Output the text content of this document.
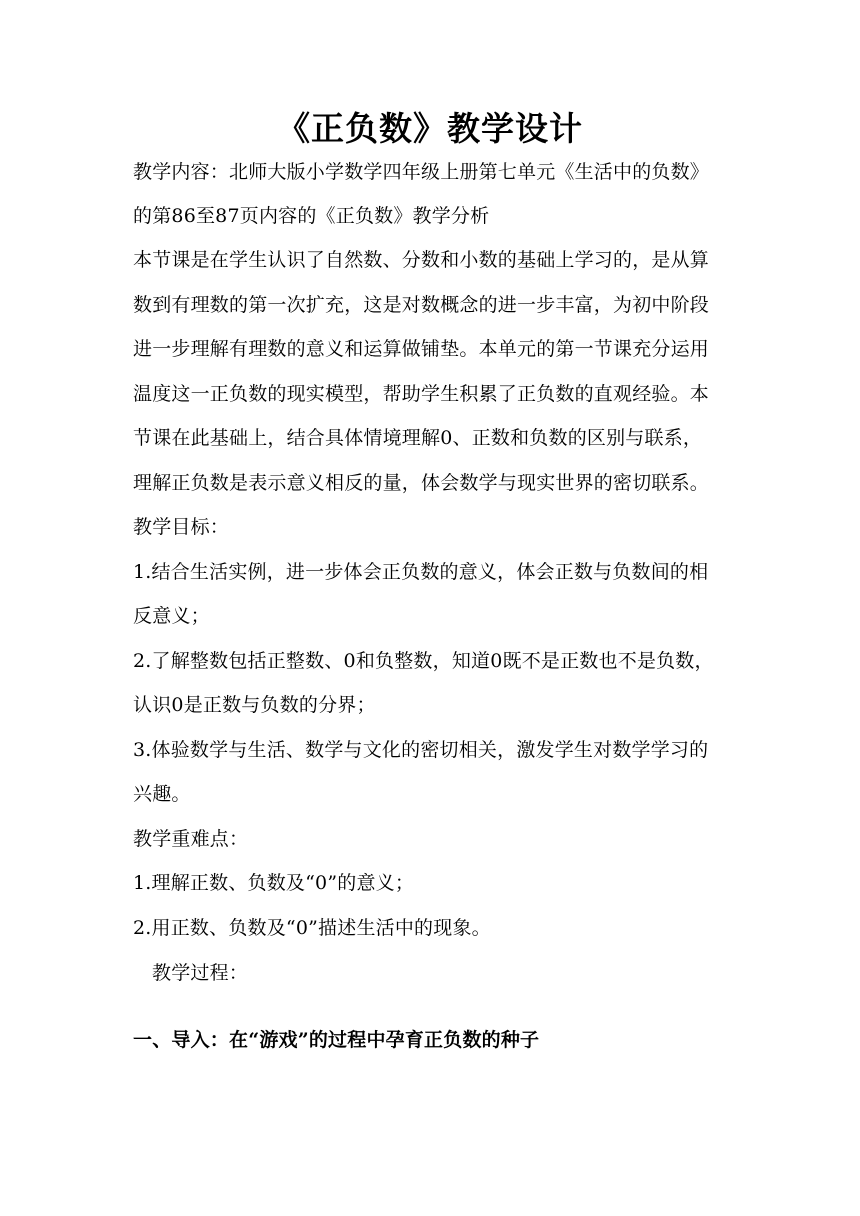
《正负数》教学设计
教学内容：北师大版小学数学四年级上册第七单元《生活中的负数》
的第86至87页内容的《正负数》教学分析
本节课是在学生认识了自然数、分数和小数的基础上学习的，是从算
数到有理数的第一次扩充，这是对数概念的进一步丰富，为初中阶段
进一步理解有理数的意义和运算做铺垫。本单元的第一节课充分运用
温度这一正负数的现实模型，帮助学生积累了正负数的直观经验。本
节课在此基础上，结合具体情境理解0、正数和负数的区别与联系，
理解正负数是表示意义相反的量，体会数学与现实世界的密切联系。
教学目标：
1.结合生活实例，进一步体会正负数的意义，体会正数与负数间的相
反意义；
2.了解整数包括正整数、0和负整数，知道0既不是正数也不是负数，
认识0是正数与负数的分界；
3.体验数学与生活、数学与文化的密切相关，激发学生对数学学习的
兴趣。
教学重难点：
1.理解正数、负数及“0”的意义；
2.用正数、负数及“0”描述生活中的现象。
教学过程：
一、导入：在“游戏”的过程中孕育正负数的种子
